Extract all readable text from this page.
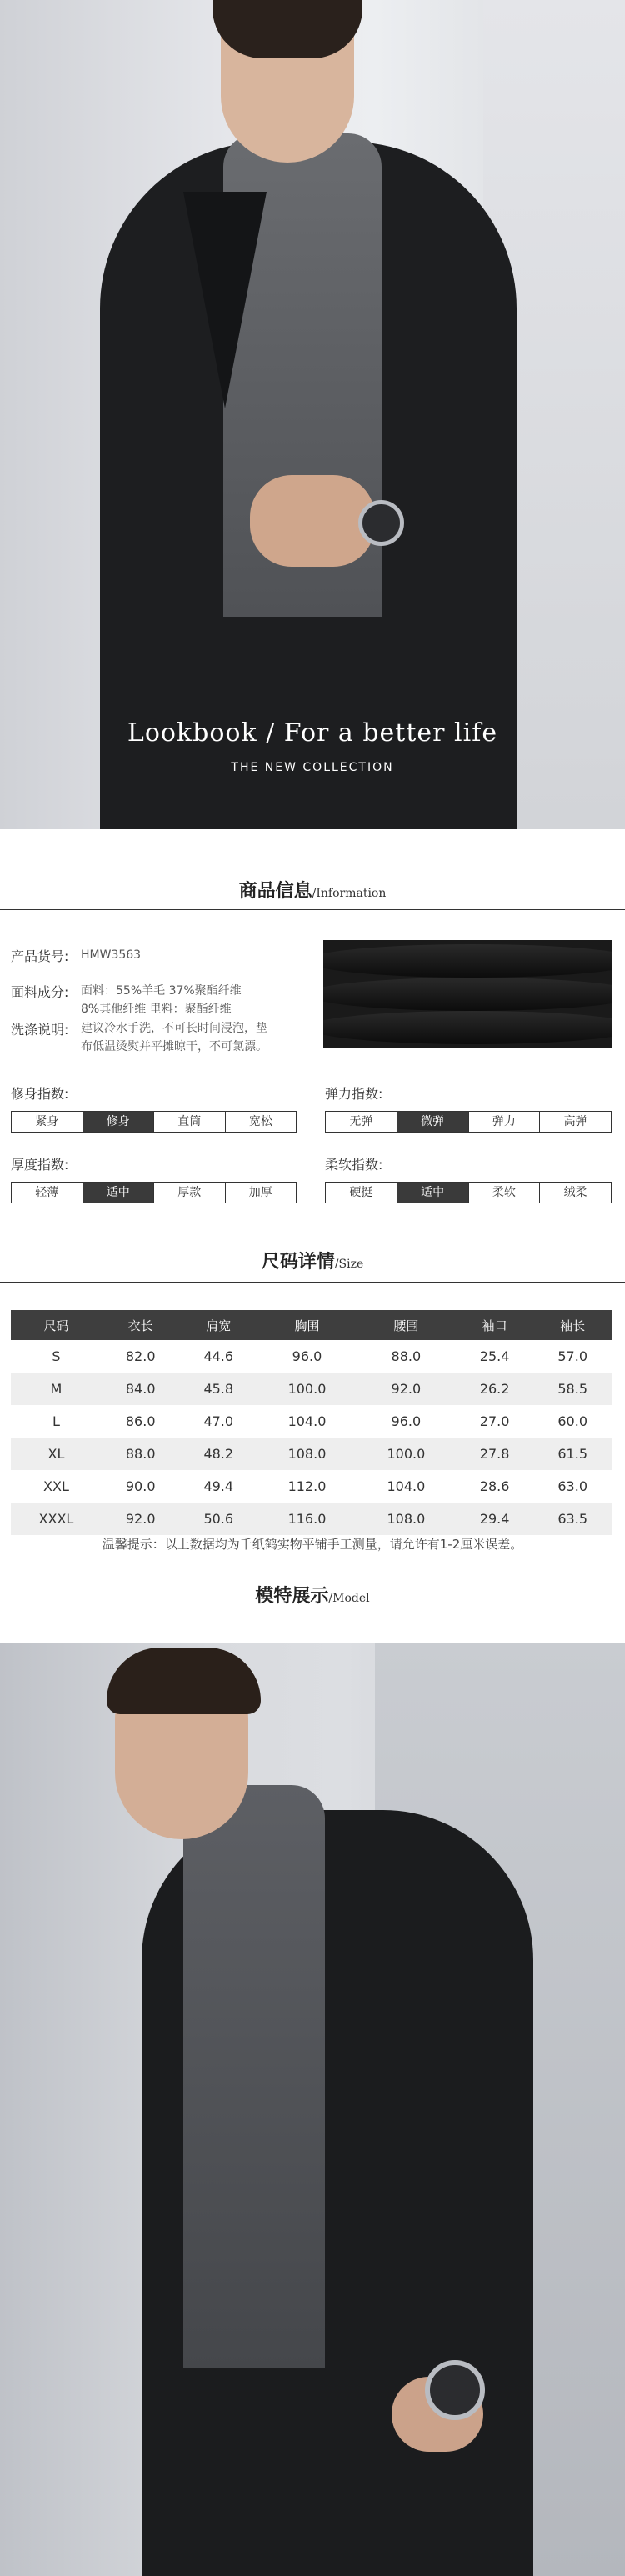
Lookbook / For a better life
THE NEW COLLECTION
商品信息/Information
产品货号: HMW3563
面料成分: 面料：55%羊毛 37%聚酯纤维
8%其他纤维 里料：聚酯纤维
洗涤说明: 建议冷水手洗，不可长时间浸泡，垫
布低温烫熨并平摊晾干，不可氯漂。
修身指数:
紧身	修身	直筒	宽松
弹力指数:
无弹	微弹	弹力	高弹
厚度指数:
轻薄	适中	厚款	加厚
柔软指数:
硬挺	适中	柔软	绒柔
尺码详情/Size
尺码	衣长	肩宽	胸围	腰围	袖口	袖长
S	82.0	44.6	96.0	88.0	25.4	57.0
M	84.0	45.8	100.0	92.0	26.2	58.5
L	86.0	47.0	104.0	96.0	27.0	60.0
XL	88.0	48.2	108.0	100.0	27.8	61.5
XXL	90.0	49.4	112.0	104.0	28.6	63.0
XXXL	92.0	50.6	116.0	108.0	29.4	63.5
温馨提示：以上数据均为千纸鹤实物平铺手工测量，请允许有1-2厘米误差。
模特展示/Model
